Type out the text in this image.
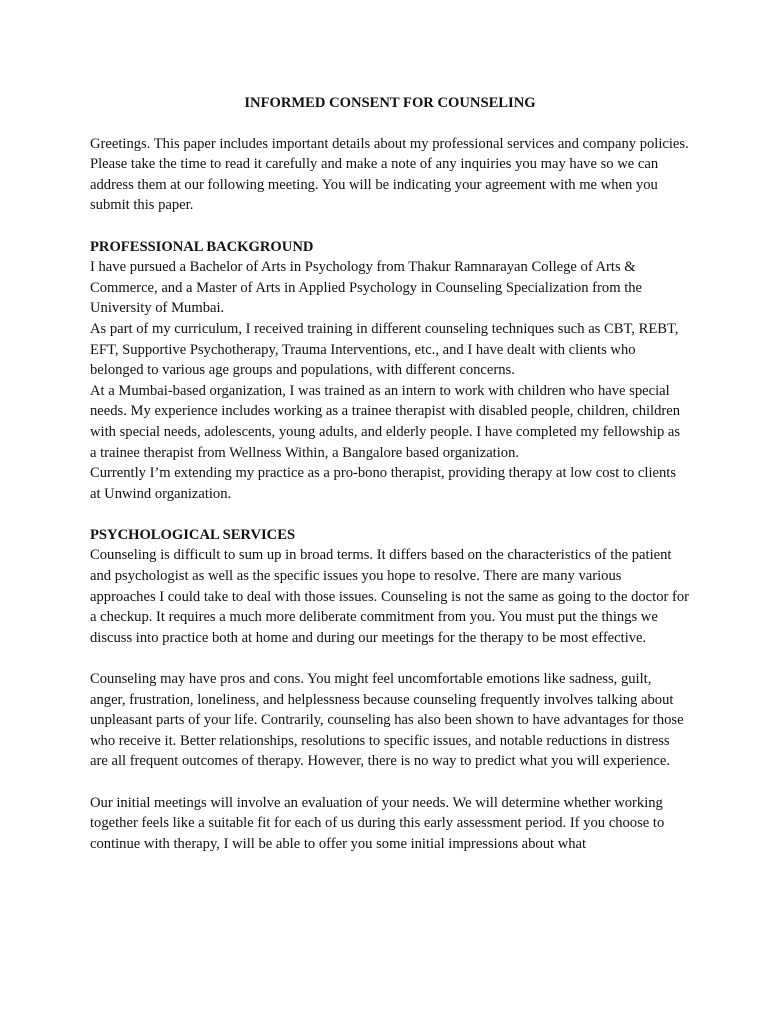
INFORMED CONSENT FOR COUNSELING

Greetings. This paper includes important details about my professional services and company policies. Please take the time to read it carefully and make a note of any inquiries you may have so we can address them at our following meeting. You will be indicating your agreement with me when you submit this paper.

PROFESSIONAL BACKGROUND

I have pursued a Bachelor of Arts in Psychology from Thakur Ramnarayan College of Arts & Commerce, and a Master of Arts in Applied Psychology in Counseling Specialization from the University of Mumbai.

As part of my curriculum, I received training in different counseling techniques such as CBT, REBT, EFT, Supportive Psychotherapy, Trauma Interventions, etc., and I have dealt with clients who belonged to various age groups and populations, with different concerns.

At a Mumbai-based organization, I was trained as an intern to work with children who have special needs. My experience includes working as a trainee therapist with disabled people, children, children with special needs, adolescents, young adults, and elderly people. I have completed my fellowship as a trainee therapist from Wellness Within, a Bangalore based organization.

Currently I’m extending my practice as a pro-bono therapist, providing therapy at low cost to clients at Unwind organization.

PSYCHOLOGICAL SERVICES

Counseling is difficult to sum up in broad terms. It differs based on the characteristics of the patient and psychologist as well as the specific issues you hope to resolve. There are many various approaches I could take to deal with those issues. Counseling is not the same as going to the doctor for a checkup. It requires a much more deliberate commitment from you. You must put the things we discuss into practice both at home and during our meetings for the therapy to be most effective.

Counseling may have pros and cons. You might feel uncomfortable emotions like sadness, guilt, anger, frustration, loneliness, and helplessness because counseling frequently involves talking about unpleasant parts of your life. Contrarily, counseling has also been shown to have advantages for those who receive it. Better relationships, resolutions to specific issues, and notable reductions in distress are all frequent outcomes of therapy. However, there is no way to predict what you will experience.

Our initial meetings will involve an evaluation of your needs. We will determine whether working together feels like a suitable fit for each of us during this early assessment period. If you choose to continue with therapy, I will be able to offer you some initial impressions about what
